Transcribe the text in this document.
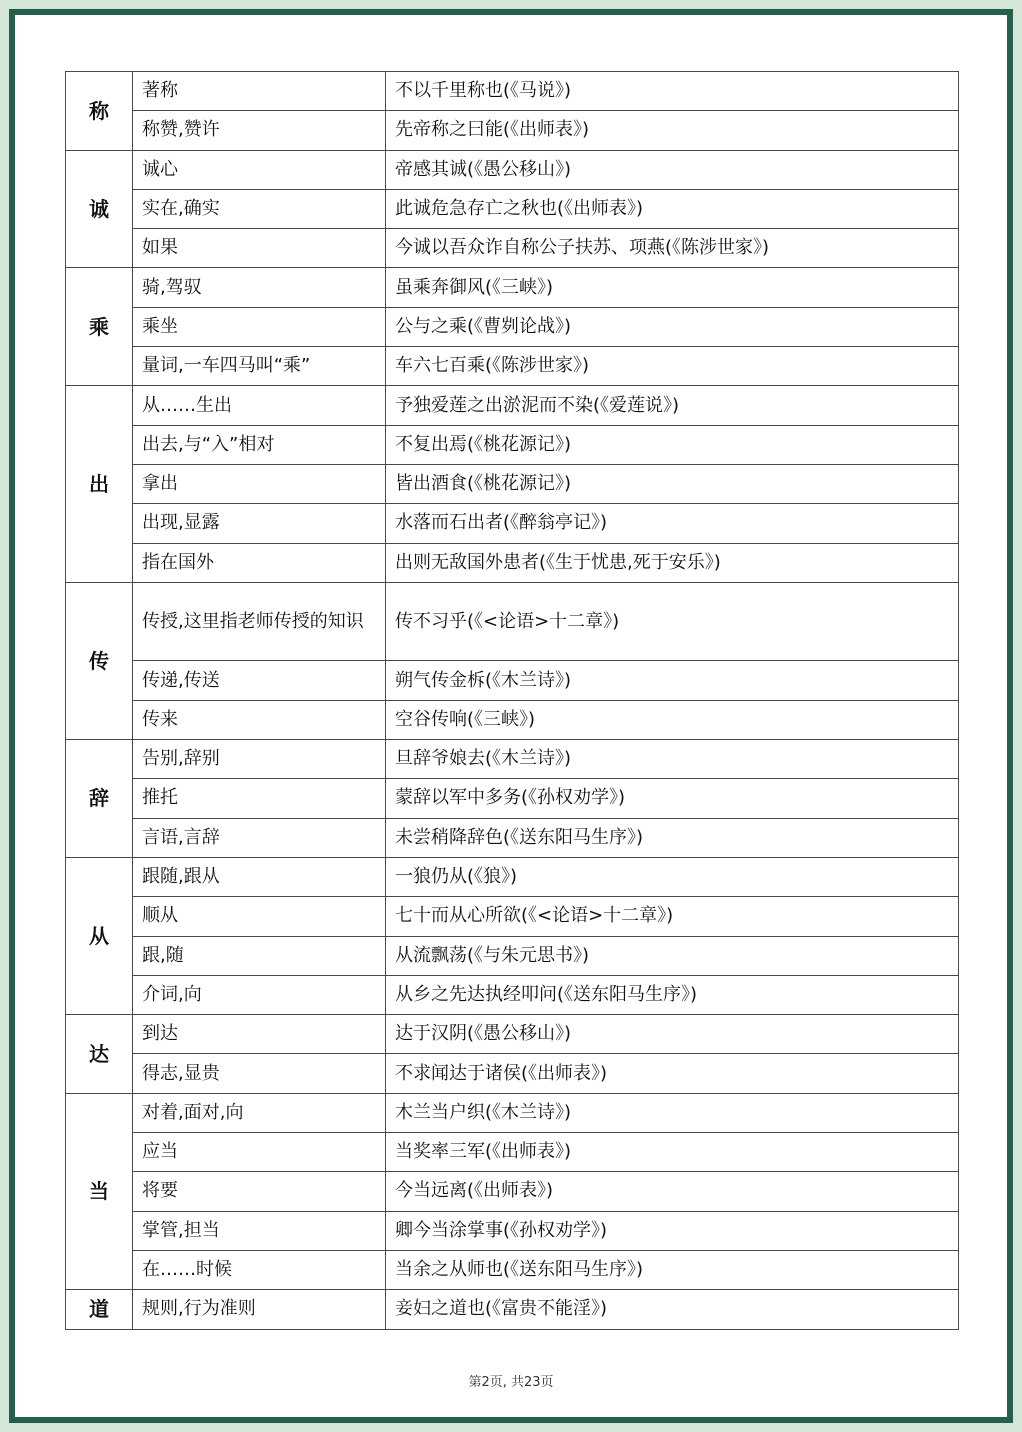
称	著称	不以千里称也(《马说》)
	称赞,赞许	先帝称之曰能(《出师表》)
诚	诚心	帝感其诚(《愚公移山》)
	实在,确实	此诚危急存亡之秋也(《出师表》)
	如果	今诚以吾众诈自称公子扶苏、项燕(《陈涉世家》)
乘	骑,驾驭	虽乘奔御风(《三峡》)
	乘坐	公与之乘(《曹刿论战》)
	量词,一车四马叫“乘”	车六七百乘(《陈涉世家》)
出	从……生出	予独爱莲之出淤泥而不染(《爱莲说》)
	出去,与“入”相对	不复出焉(《桃花源记》)
	拿出	皆出酒食(《桃花源记》)
	出现,显露	水落而石出者(《醉翁亭记》)
	指在国外	出则无敌国外患者(《生于忧患,死于安乐》)
传	传授,这里指老师传授的知识	传不习乎(《<论语>十二章》)
	传递,传送	朔气传金柝(《木兰诗》)
	传来	空谷传响(《三峡》)
辞	告别,辞别	旦辞爷娘去(《木兰诗》)
	推托	蒙辞以军中多务(《孙权劝学》)
	言语,言辞	未尝稍降辞色(《送东阳马生序》)
从	跟随,跟从	一狼仍从(《狼》)
	顺从	七十而从心所欲(《<论语>十二章》)
	跟,随	从流飘荡(《与朱元思书》)
	介词,向	从乡之先达执经叩问(《送东阳马生序》)
达	到达	达于汉阴(《愚公移山》)
	得志,显贵	不求闻达于诸侯(《出师表》)
当	对着,面对,向	木兰当户织(《木兰诗》)
	应当	当奖率三军(《出师表》)
	将要	今当远离(《出师表》)
	掌管,担当	卿今当涂掌事(《孙权劝学》)
	在……时候	当余之从师也(《送东阳马生序》)
道	规则,行为准则	妾妇之道也(《富贵不能淫》)
第2页, 共23页
